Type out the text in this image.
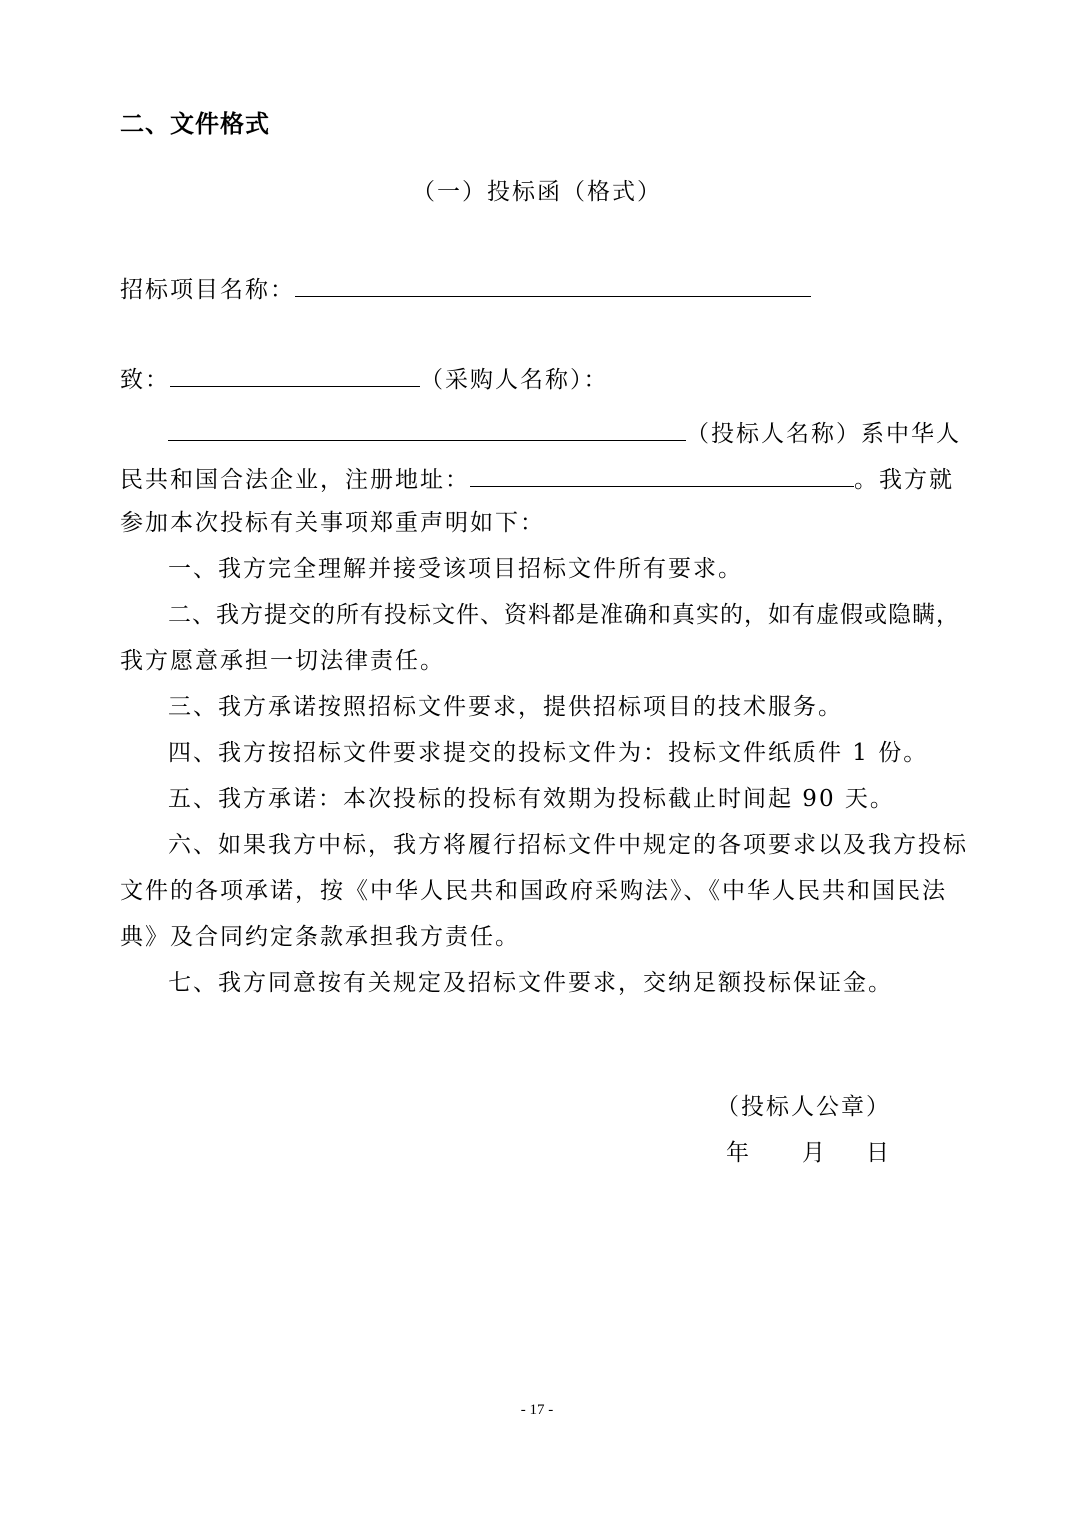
二、文件格式
（一）投标函（格式）
招标项目名称：
致：	（采购人名称）：
（投标人名称）系中华人
民共和国合法企业，注册地址：	。我方就
参加本次投标有关事项郑重声明如下：
一、我方完全理解并接受该项目招标文件所有要求。
二、我方提交的所有投标文件、资料都是准确和真实的，如有虚假或隐瞒，
我方愿意承担一切法律责任。
三、我方承诺按照招标文件要求，提供招标项目的技术服务。
四、我方按招标文件要求提交的投标文件为：投标文件纸质件 1 份。
五、我方承诺：本次投标的投标有效期为投标截止时间起 90 天。
六、如果我方中标，我方将履行招标文件中规定的各项要求以及我方投标
文件的各项承诺，按《中华人民共和国政府采购法》、《中华人民共和国民法
典》及合同约定条款承担我方责任。
七、我方同意按有关规定及招标文件要求，交纳足额投标保证金。
（投标人公章）
年 月 日
- 17 -
